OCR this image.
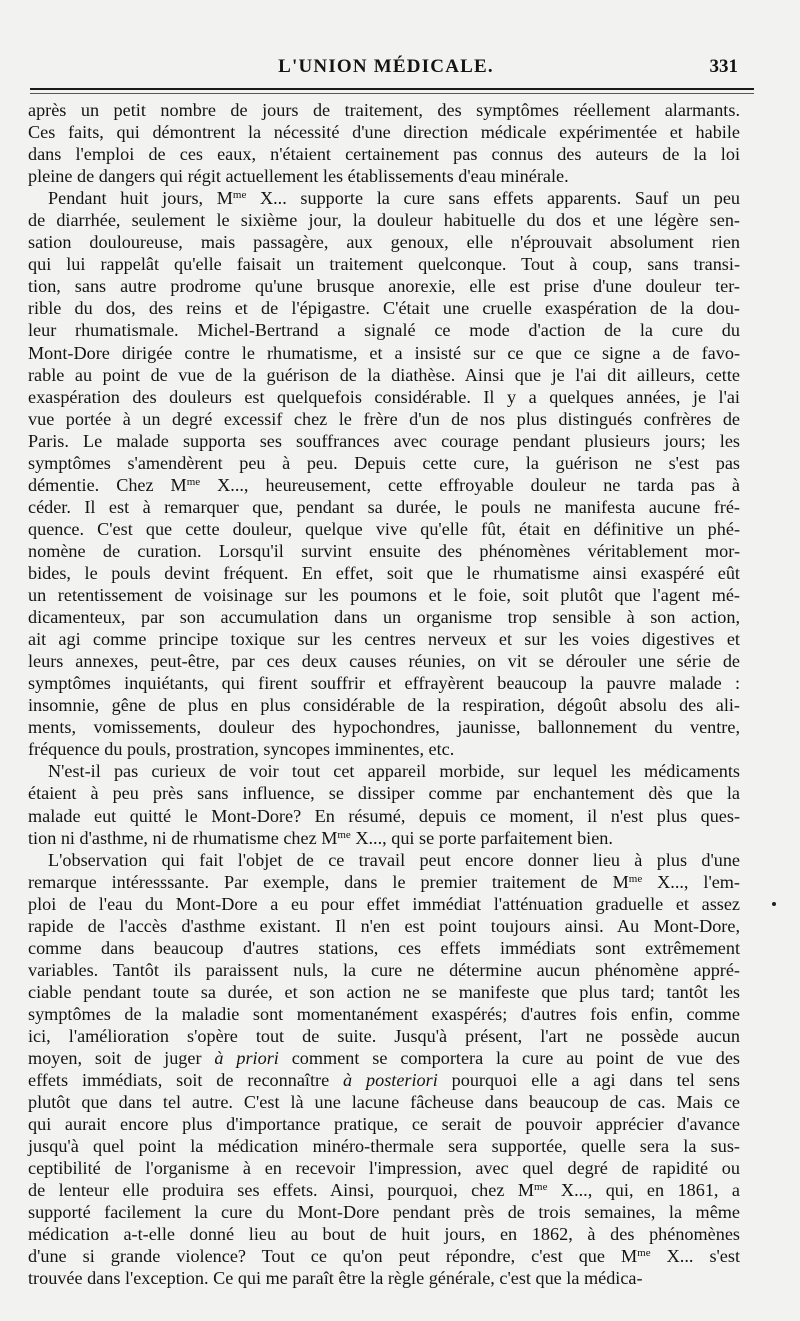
L'UNION MÉDICALE.	331

après un petit nombre de jours de traitement, des symptômes réellement alarmants.
Ces faits, qui démontrent la nécessité d'une direction médicale expérimentée et habile
dans l'emploi de ces eaux, n'étaient certainement pas connus des auteurs de la loi
pleine de dangers qui régit actuellement les établissements d'eau minérale.

Pendant huit jours, $M^{me}$ X... supporte la cure sans effets apparents. Sauf un peu
de diarrhée, seulement le sixième jour, la douleur habituelle du dos et une légère sen-
sation douloureuse, mais passagère, aux genoux, elle n'éprouvait absolument rien
qui lui rappelât qu'elle faisait un traitement quelconque. Tout à coup, sans transi-
tion, sans autre prodrome qu'une brusque anorexie, elle est prise d'une douleur ter-
rible du dos, des reins et de l'épigastre. C'était une cruelle exaspération de la dou-
leur rhumatismale. Michel-Bertrand a signalé ce mode d'action de la cure du
Mont-Dore dirigée contre le rhumatisme, et a insisté sur ce que ce signe a de favo-
rable au point de vue de la guérison de la diathèse. Ainsi que je l'ai dit ailleurs, cette
exaspération des douleurs est quelquefois considérable. Il y a quelques années, je l'ai
vue portée à un degré excessif chez le frère d'un de nos plus distingués confrères de
Paris. Le malade supporta ses souffrances avec courage pendant plusieurs jours; les
symptômes s'amendèrent peu à peu. Depuis cette cure, la guérison ne s'est pas
démentie. Chez $M^{me}$ X..., heureusement, cette effroyable douleur ne tarda pas à
céder. Il est à remarquer que, pendant sa durée, le pouls ne manifesta aucune fré-
quence. C'est que cette douleur, quelque vive qu'elle fût, était en définitive un phé-
nomène de curation. Lorsqu'il survint ensuite des phénomènes véritablement mor-
bides, le pouls devint fréquent. En effet, soit que le rhumatisme ainsi exaspéré eût
un retentissement de voisinage sur les poumons et le foie, soit plutôt que l'agent mé-
dicamenteux, par son accumulation dans un organisme trop sensible à son action,
ait agi comme principe toxique sur les centres nerveux et sur les voies digestives et
leurs annexes, peut-être, par ces deux causes réunies, on vit se dérouler une série de
symptômes inquiétants, qui firent souffrir et effrayèrent beaucoup la pauvre malade :
insomnie, gêne de plus en plus considérable de la respiration, dégoût absolu des ali-
ments, vomissements, douleur des hypochondres, jaunisse, ballonnement du ventre,
fréquence du pouls, prostration, syncopes imminentes, etc.

N'est-il pas curieux de voir tout cet appareil morbide, sur lequel les médicaments
étaient à peu près sans influence, se dissiper comme par enchantement dès que la
malade eut quitté le Mont-Dore? En résumé, depuis ce moment, il n'est plus ques-
tion ni d'asthme, ni de rhumatisme chez $M^{me}$ X..., qui se porte parfaitement bien.

L'observation qui fait l'objet de ce travail peut encore donner lieu à plus d'une
remarque intéresssante. Par exemple, dans le premier traitement de $M^{me}$ X..., l'em-
ploi de l'eau du Mont-Dore a eu pour effet immédiat l'atténuation graduelle et assez
rapide de l'accès d'asthme existant. Il n'en est point toujours ainsi. Au Mont-Dore,
comme dans beaucoup d'autres stations, ces effets immédiats sont extrêmement
variables. Tantôt ils paraissent nuls, la cure ne détermine aucun phénomène appré-
ciable pendant toute sa durée, et son action ne se manifeste que plus tard; tantôt les
symptômes de la maladie sont momentanément exaspérés; d'autres fois enfin, comme
ici, l'amélioration s'opère tout de suite. Jusqu'à présent, l'art ne possède aucun
moyen, soit de juger à priori comment se comportera la cure au point de vue des
effets immédiats, soit de reconnaître à posteriori pourquoi elle a agi dans tel sens
plutôt que dans tel autre. C'est là une lacune fâcheuse dans beaucoup de cas. Mais ce
qui aurait encore plus d'importance pratique, ce serait de pouvoir apprécier d'avance
jusqu'à quel point la médication minéro-thermale sera supportée, quelle sera la sus-
ceptibilité de l'organisme à en recevoir l'impression, avec quel degré de rapidité ou
de lenteur elle produira ses effets. Ainsi, pourquoi, chez $M^{me}$ X..., qui, en 1861, a
supporté facilement la cure du Mont-Dore pendant près de trois semaines, la même
médication a-t-elle donné lieu au bout de huit jours, en 1862, à des phénomènes
d'une si grande violence? Tout ce qu'on peut répondre, c'est que $M^{me}$ X... s'est
trouvée dans l'exception. Ce qui me paraît être la règle générale, c'est que la médica-
